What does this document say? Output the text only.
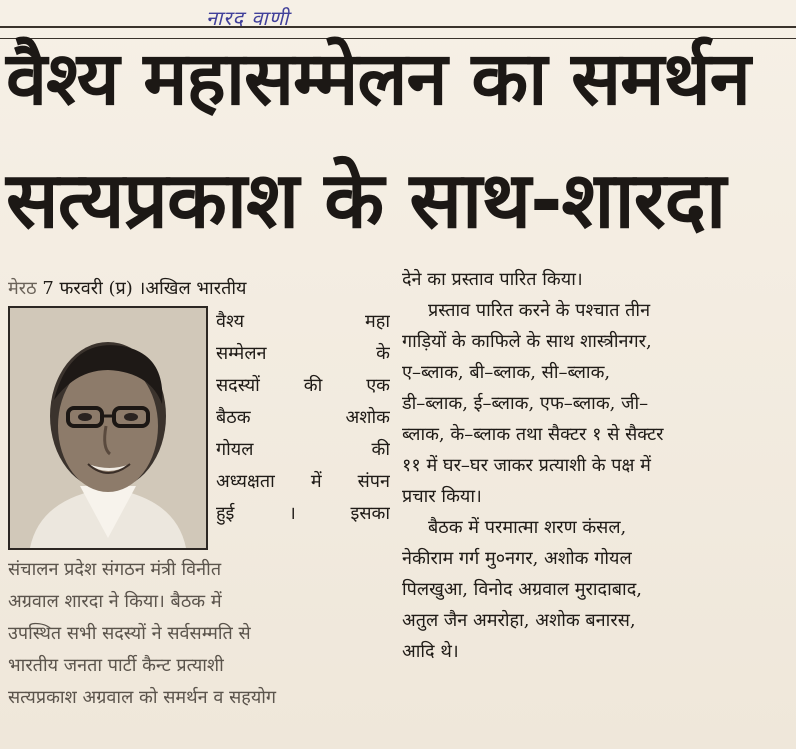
नारद वाणी
वैश्य महासम्मेलन का समर्थन
सत्यप्रकाश के साथ-शारदा
मेरठ 7 फरवरी (प्र) ।अखिल भारतीय
वैश्य महा
सम्मेलन के
सदस्यों की एक
बैठक अशोक
गोयल की
अध्यक्षता में संपन
हुई । इसका
संचालन प्रदेश संगठन मंत्री विनीत
अग्रवाल शारदा ने किया। बैठक में
उपस्थित सभी सदस्यों ने सर्वसम्मति से
भारतीय जनता पार्टी कैन्ट प्रत्याशी
सत्यप्रकाश अग्रवाल को समर्थन व सहयोग
देने का प्रस्ताव पारित किया।
प्रस्ताव पारित करने के पश्चात तीन
गाड़ियों के काफिले के साथ शास्त्रीनगर,
ए–ब्लाक, बी–ब्लाक, सी–ब्लाक,
डी–ब्लाक, ई–ब्लाक, एफ–ब्लाक, जी–
ब्लाक, के–ब्लाक तथा सैक्टर १ से सैक्टर
११ में घर–घर जाकर प्रत्याशी के पक्ष में
प्रचार किया।
बैठक में परमात्मा शरण कंसल,
नेकीराम गर्ग मु०नगर, अशोक गोयल
पिलखुआ, विनोद अग्रवाल मुरादाबाद,
अतुल जैन अमरोहा, अशोक बनारस,
आदि थे।
